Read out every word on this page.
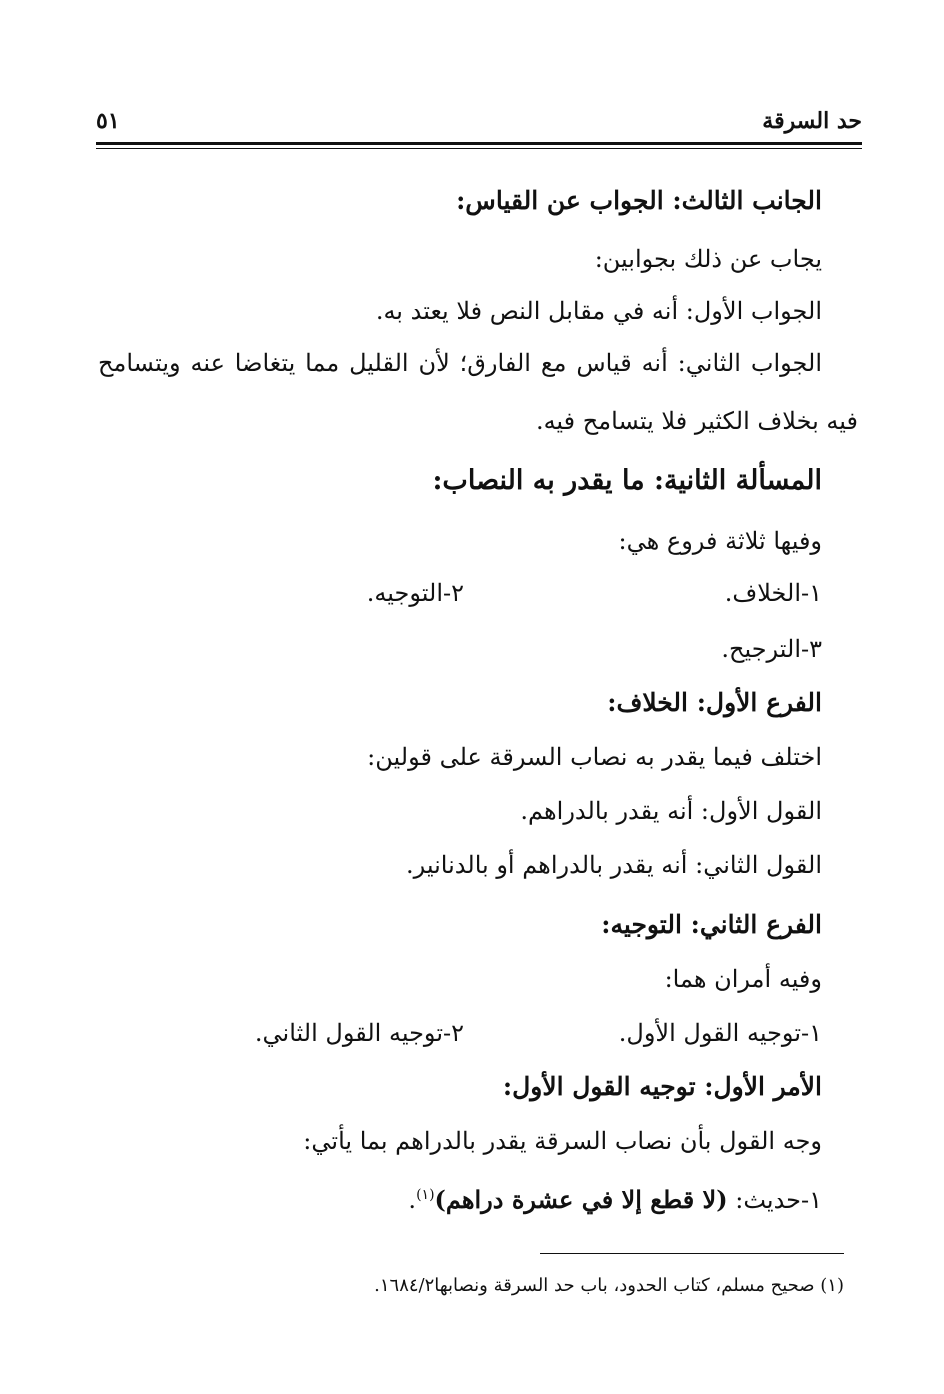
حد السرقة
٥١
الجانب الثالث: الجواب عن القياس:
يجاب عن ذلك بجوابين:
الجواب الأول: أنه في مقابل النص فلا يعتد به.
الجواب الثاني: أنه قياس مع الفارق؛ لأن القليل مما يتغاضا عنه ويتسامح
فيه بخلاف الكثير فلا يتسامح فيه.
المسألة الثانية: ما يقدر به النصاب:
وفيها ثلاثة فروع هي:
١-الخلاف.
٢-التوجيه.
٣-الترجيح.
الفرع الأول: الخلاف:
اختلف فيما يقدر به نصاب السرقة على قولين:
القول الأول: أنه يقدر بالدراهم.
القول الثاني: أنه يقدر بالدراهم أو بالدنانير.
الفرع الثاني: التوجيه:
وفيه أمران هما:
١-توجيه القول الأول.
٢-توجيه القول الثاني.
الأمر الأول: توجيه القول الأول:
وجه القول بأن نصاب السرقة يقدر بالدراهم بما يأتي:
١-حديث: (لا قطع إلا في عشرة دراهم)$^{(١)}$.
(١) صحيح مسلم، كتاب الحدود، باب حد السرقة ونصابها١٦٨٤/٢.
